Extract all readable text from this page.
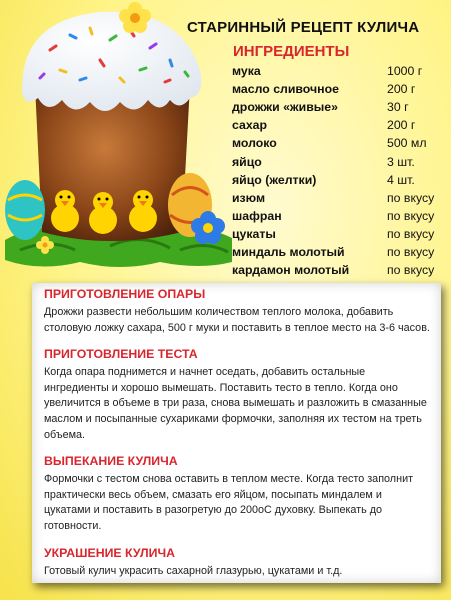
СТАРИННЫЙ РЕЦЕПТ КУЛИЧА
ИНГРЕДИЕНТЫ
мука	1000 г
масло сливочное	200 г
дрожжи «живые»	30 г
сахар	200 г
молоко	500 мл
яйцо	3 шт.
яйцо (желтки)	4 шт.
изюм	по вкусу
шафран	по вкусу
цукаты	по вкусу
миндаль молотый	по вкусу
кардамон молотый	по вкусу

ПРИГОТОВЛЕНИЕ ОПАРЫ

Дрожжи развести небольшим количеством теплого молока, добавить столовую ложку сахара, 500 г муки и поставить в теплое место на 3-6 часов.

ПРИГОТОВЛЕНИЕ ТЕСТА

Когда опара поднимется и начнет оседать, добавить остальные ингредиенты и хорошо вымешать. Поставить тесто в тепло. Когда оно увеличится в объеме в три раза, снова вымешать и разложить в смазанные маслом и посыпанные сухариками формочки, заполняя их тестом на треть объема.

ВЫПЕКАНИЕ КУЛИЧА

Формочки с тестом снова оставить в теплом месте. Когда тесто заполнит практически весь объем, смазать его яйцом, посыпать миндалем и цукатами и поставить в разогретую до 200оС духовку. Выпекать до готовности.

УКРАШЕНИЕ КУЛИЧА

Готовый кулич украсить сахарной глазурью, цукатами и т.д.
